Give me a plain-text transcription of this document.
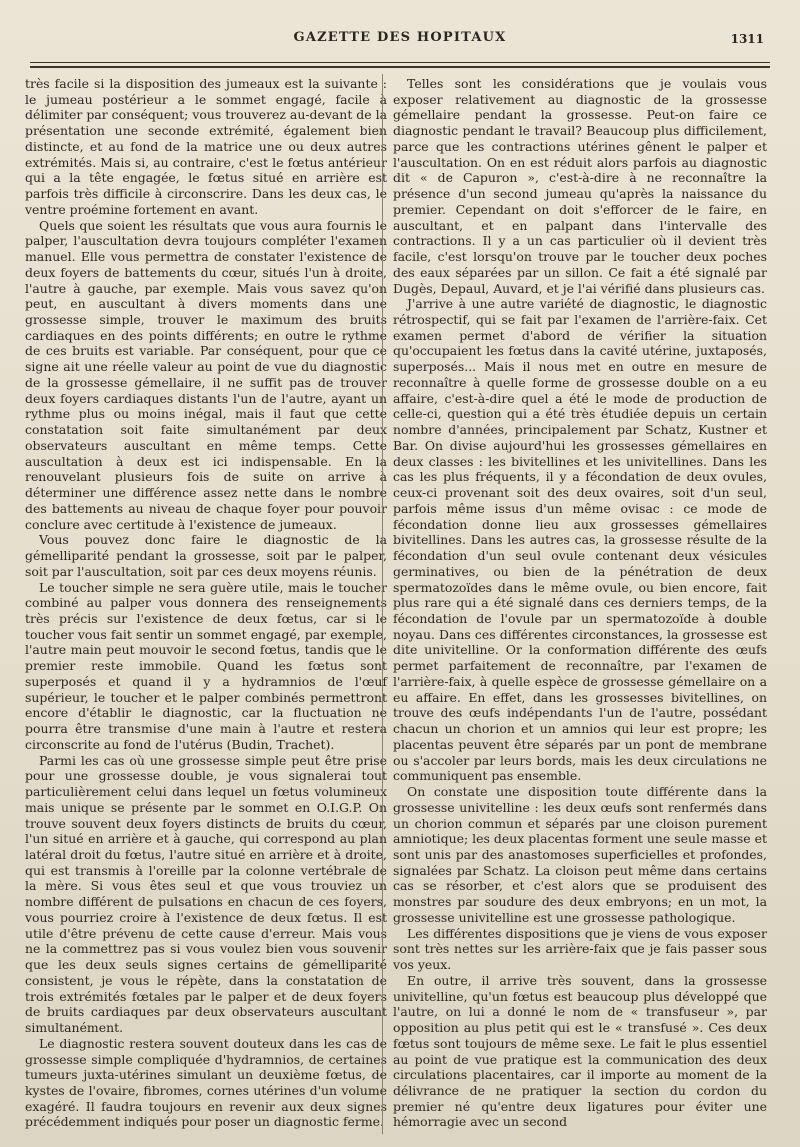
GAZETTE DES HOPITAUX	1311

très facile si la disposition des jumeaux est la suivante : le jumeau postérieur a le sommet engagé, facile à délimiter par conséquent; vous trouverez au-devant de la présentation une seconde extrémité, également bien distincte, et au fond de la matrice une ou deux autres extrémités. Mais si, au contraire, c'est le fœtus antérieur qui a la tête engagée, le fœtus situé en arrière est parfois très difficile à circonscrire. Dans les deux cas, le ventre proémine fortement en avant.

Quels que soient les résultats que vous aura fournis le palper, l'auscultation devra toujours compléter l'examen manuel. Elle vous permettra de constater l'existence de deux foyers de battements du cœur, situés l'un à droite, l'autre à gauche, par exemple. Mais vous savez qu'on peut, en auscultant à divers moments dans une grossesse simple, trouver le maximum des bruits cardiaques en des points différents; en outre le rythme de ces bruits est variable. Par conséquent, pour que ce signe ait une réelle valeur au point de vue du diagnostic de la grossesse gémellaire, il ne suffit pas de trouver deux foyers cardiaques distants l'un de l'autre, ayant un rythme plus ou moins inégal, mais il faut que cette constatation soit faite simultanément par deux observateurs auscultant en même temps. Cette auscultation à deux est ici indispensable. En la renouvelant plusieurs fois de suite on arrive à déterminer une différence assez nette dans le nombre des battements au niveau de chaque foyer pour pouvoir conclure avec certitude à l'existence de jumeaux.

Vous pouvez donc faire le diagnostic de la gémelliparité pendant la grossesse, soit par le palper, soit par l'auscultation, soit par ces deux moyens réunis.

Le toucher simple ne sera guère utile, mais le toucher combiné au palper vous donnera des renseignements très précis sur l'existence de deux fœtus, car si le toucher vous fait sentir un sommet engagé, par exemple, l'autre main peut mouvoir le second fœtus, tandis que le premier reste immobile. Quand les fœtus sont superposés et quand il y a hydramnios de l'œuf supérieur, le toucher et le palper combinés permettront encore d'établir le diagnostic, car la fluctuation ne pourra être transmise d'une main à l'autre et restera circonscrite au fond de l'utérus (Budin, Trachet).

Parmi les cas où une grossesse simple peut être prise pour une grossesse double, je vous signalerai tout particulièrement celui dans lequel un fœtus volumineux mais unique se présente par le sommet en O.I.G.P. On trouve souvent deux foyers distincts de bruits du cœur, l'un situé en arrière et à gauche, qui correspond au plan latéral droit du fœtus, l'autre situé en arrière et à droite, qui est transmis à l'oreille par la colonne vertébrale de la mère. Si vous êtes seul et que vous trouviez un nombre différent de pulsations en chacun de ces foyers, vous pourriez croire à l'existence de deux fœtus. Il est utile d'être prévenu de cette cause d'erreur. Mais vous ne la commettrez pas si vous voulez bien vous souvenir que les deux seuls signes certains de gémelliparité consistent, je vous le répète, dans la constatation de trois extrémités fœtales par le palper et de deux foyers de bruits cardiaques par deux observateurs auscultant simultanément.

Le diagnostic restera souvent douteux dans les cas de grossesse simple compliquée d'hydramnios, de certaines tumeurs juxta-utérines simulant un deuxième fœtus, de kystes de l'ovaire, fibromes, cornes utérines d'un volume exagéré. Il faudra toujours en revenir aux deux signes précédemment indiqués pour poser un diagnostic ferme.

Telles sont les considérations que je voulais vous exposer relativement au diagnostic de la grossesse gémellaire pendant la grossesse. Peut-on faire ce diagnostic pendant le travail? Beaucoup plus difficilement, parce que les contractions utérines gênent le palper et l'auscultation. On en est réduit alors parfois au diagnostic dit « de Capuron », c'est-à-dire à ne reconnaître la présence d'un second jumeau qu'après la naissance du premier. Cependant on doit s'efforcer de le faire, en auscultant, et en palpant dans l'intervalle des contractions. Il y a un cas particulier où il devient très facile, c'est lorsqu'on trouve par le toucher deux poches des eaux séparées par un sillon. Ce fait a été signalé par Dugès, Depaul, Auvard, et je l'ai vérifié dans plusieurs cas.

J'arrive à une autre variété de diagnostic, le diagnostic rétrospectif, qui se fait par l'examen de l'arrière-faix. Cet examen permet d'abord de vérifier la situation qu'occupaient les fœtus dans la cavité utérine, juxtaposés, superposés... Mais il nous met en outre en mesure de reconnaître à quelle forme de grossesse double on a eu affaire, c'est-à-dire quel a été le mode de production de celle-ci, question qui a été très étudiée depuis un certain nombre d'années, principalement par Schatz, Kustner et Bar. On divise aujourd'hui les grossesses gémellaires en deux classes : les bivitellines et les univitellines. Dans les cas les plus fréquents, il y a fécondation de deux ovules, ceux-ci provenant soit des deux ovaires, soit d'un seul, parfois même issus d'un même ovisac : ce mode de fécondation donne lieu aux grossesses gémellaires bivitellines. Dans les autres cas, la grossesse résulte de la fécondation d'un seul ovule contenant deux vésicules germinatives, ou bien de la pénétration de deux spermatozoïdes dans le même ovule, ou bien encore, fait plus rare qui a été signalé dans ces derniers temps, de la fécondation de l'ovule par un spermatozoïde à double noyau. Dans ces différentes circonstances, la grossesse est dite univitelline. Or la conformation différente des œufs permet parfaitement de reconnaître, par l'examen de l'arrière-faix, à quelle espèce de grossesse gémellaire on a eu affaire. En effet, dans les grossesses bivitellines, on trouve des œufs indépendants l'un de l'autre, possédant chacun un chorion et un amnios qui leur est propre; les placentas peuvent être séparés par un pont de membrane ou s'accoler par leurs bords, mais les deux circulations ne communiquent pas ensemble.

On constate une disposition toute différente dans la grossesse univitelline : les deux œufs sont renfermés dans un chorion commun et séparés par une cloison purement amniotique; les deux placentas forment une seule masse et sont unis par des anastomoses superficielles et profondes, signalées par Schatz. La cloison peut même dans certains cas se résorber, et c'est alors que se produisent des monstres par soudure des deux embryons; en un mot, la grossesse univitelline est une grossesse pathologique.

Les différentes dispositions que je viens de vous exposer sont très nettes sur les arrière-faix que je fais passer sous vos yeux.

En outre, il arrive très souvent, dans la grossesse univitelline, qu'un fœtus est beaucoup plus développé que l'autre, on lui a donné le nom de « transfuseur », par opposition au plus petit qui est le « transfusé ». Ces deux fœtus sont toujours de même sexe. Le fait le plus essentiel au point de vue pratique est la communication des deux circulations placentaires, car il importe au moment de la délivrance de ne pratiquer la section du cordon du premier né qu'entre deux ligatures pour éviter une hémorragie avec un second
